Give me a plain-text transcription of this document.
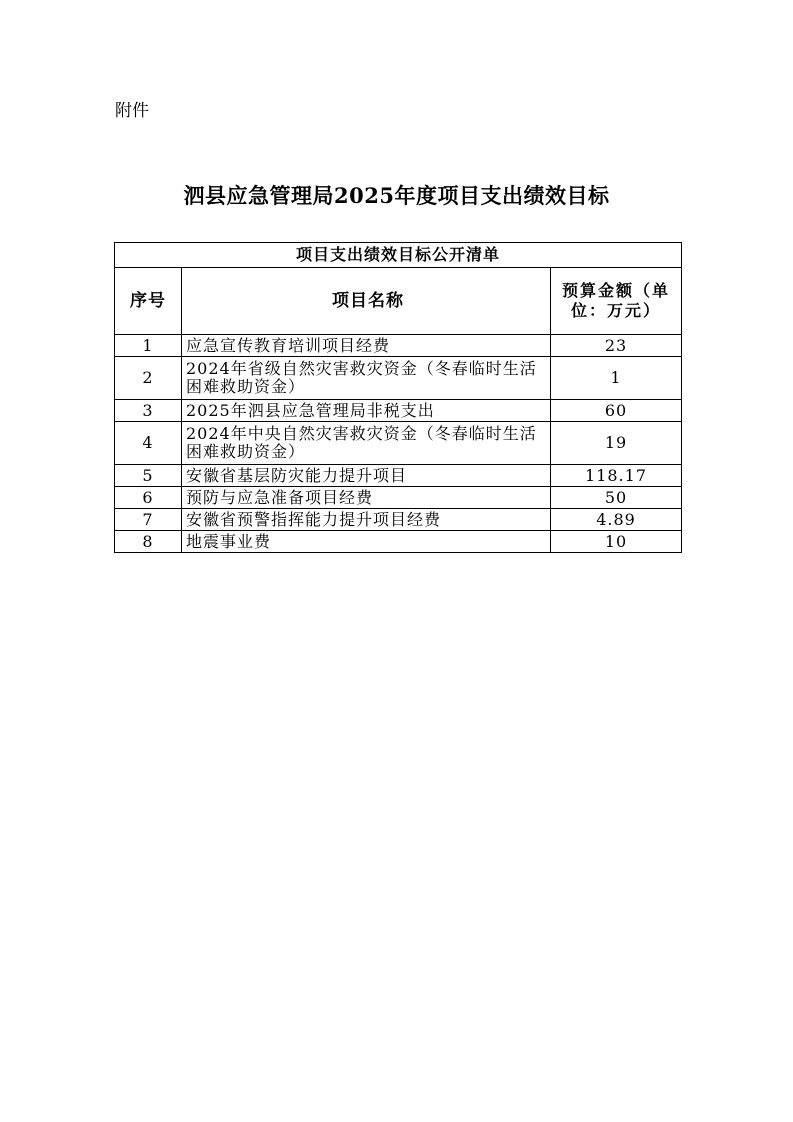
附件
泗县应急管理局2025年度项目支出绩效目标
项目支出绩效目标公开清单		
序号	项目名称	预算金额（单位：万元）
1	应急宣传教育培训项目经费	23
2	2024年省级自然灾害救灾资金（冬春临时生活困难救助资金）	1
3	2025年泗县应急管理局非税支出	60
4	2024年中央自然灾害救灾资金（冬春临时生活困难救助资金）	19
5	安徽省基层防灾能力提升项目	118.17
6	预防与应急准备项目经费	50
7	安徽省预警指挥能力提升项目经费	4.89
8	地震事业费	10
